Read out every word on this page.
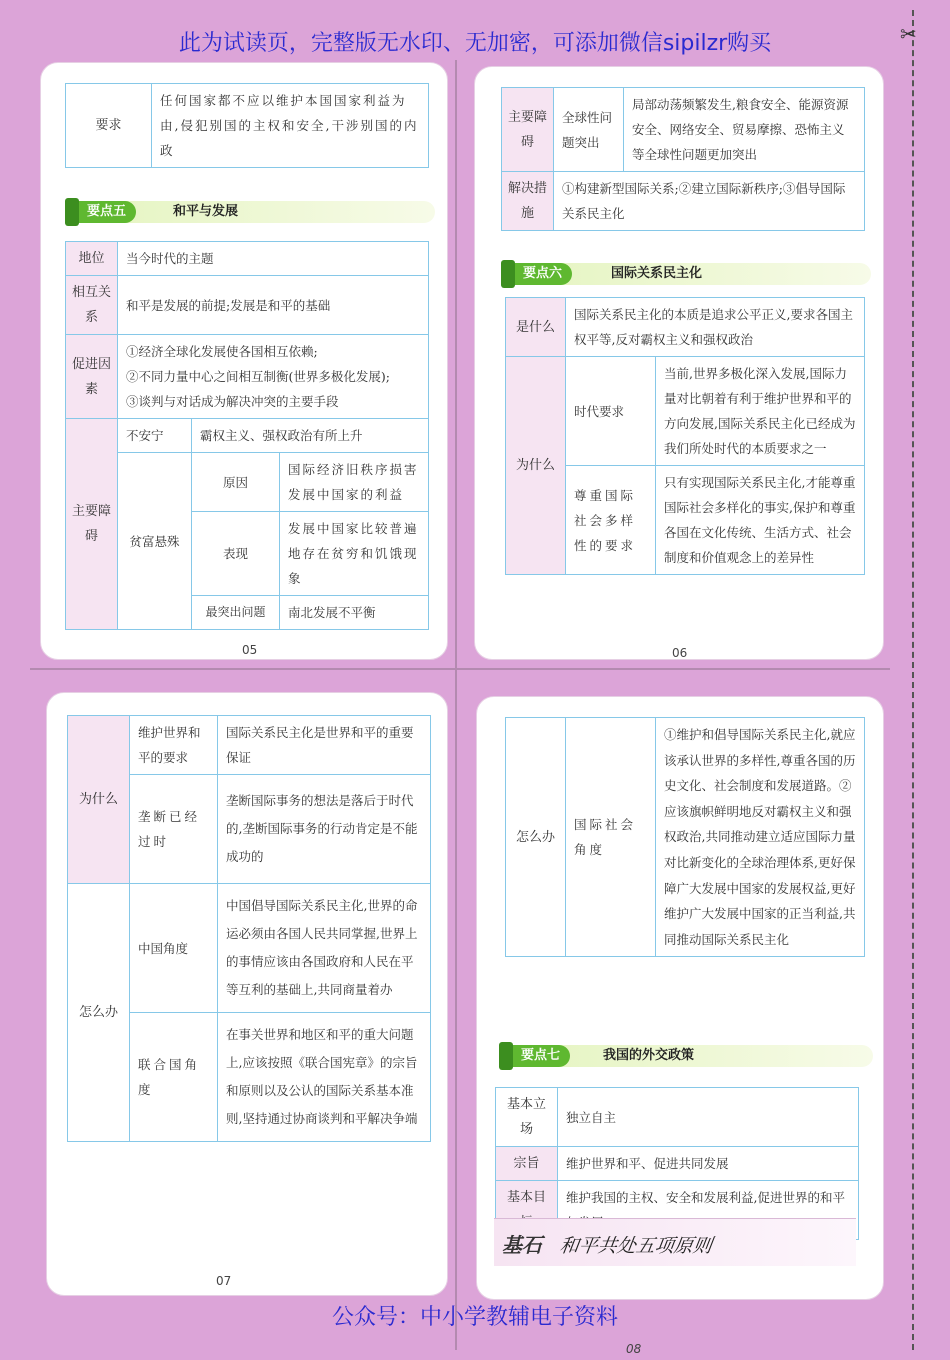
✂
此为试读页，完整版无水印、无加密，可添加微信sipilzr购买
要求	任何国家都不应以维护本国国家利益为由,侵犯别国的主权和安全,干涉别国的内政
要点五	和平与发展
地位	当今时代的主题		
相互关系	和平是发展的前提;发展是和平的基础		
促进因素	①经济全球化发展使各国相互依赖;
②不同力量中心之间相互制衡(世界多极化发展);
③谈判与对话成为解决冲突的主要手段		

主要障碍	不安宁	霸权主义、强权政治有所上升	
	贫富悬殊	原因	国际经济旧秩序损害发展中国家的利益
		表现	发展中国家比较普遍地存在贫穷和饥饿现象
		最突出问题	南北发展不平衡
05
主要障碍	全球性问题突出	局部动荡频繁发生,粮食安全、能源资源安全、网络安全、贸易摩擦、恐怖主义等全球性问题更加突出
解决措施	①构建新型国际关系;②建立国际新秩序;③倡导国际关系民主化	
要点六	国际关系民主化
是什么	国际关系民主化的本质是追求公平正义,要求各国主权平等,反对霸权主义和强权政治	
为什么	时代要求	当前,世界多极化深入发展,国际力量对比朝着有利于维护世界和平的方向发展,国际关系民主化已经成为我们所处时代的本质要求之一
	尊重国际社会多样性的要求	只有实现国际关系民主化,才能尊重国际社会多样化的事实,保护和尊重各国在文化传统、生活方式、社会制度和价值观念上的差异性
06
为什么	维护世界和平的要求	国际关系民主化是世界和平的重要保证
	垄断已经过时	垄断国际事务的想法是落后于时代的,垄断国际事务的行动肯定是不能成功的
怎么办	中国角度	中国倡导国际关系民主化,世界的命运必须由各国人民共同掌握,世界上的事情应该由各国政府和人民在平等互利的基础上,共同商量着办
	联合国角度	在事关世界和地区和平的重大问题上,应该按照《联合国宪章》的宗旨和原则以及公认的国际关系基本准则,坚持通过协商谈判和平解决争端
07
怎么办	国际社会角度	①维护和倡导国际关系民主化,就应该承认世界的多样性,尊重各国的历史文化、社会制度和发展道路。②应该旗帜鲜明地反对霸权主义和强权政治,共同推动建立适应国际力量对比新变化的全球治理体系,更好保障广大发展中国家的发展权益,更好维护广大发展中国家的正当利益,共同推动国际关系民主化
要点七	我国的外交政策
基本立场	独立自主
宗旨	维护世界和平、促进共同发展
基本目	维护我国的主权、安全和发展利益,促进世界的和平
基石 和平共处五项原则
08
公众号：中小学教辅电子资料
